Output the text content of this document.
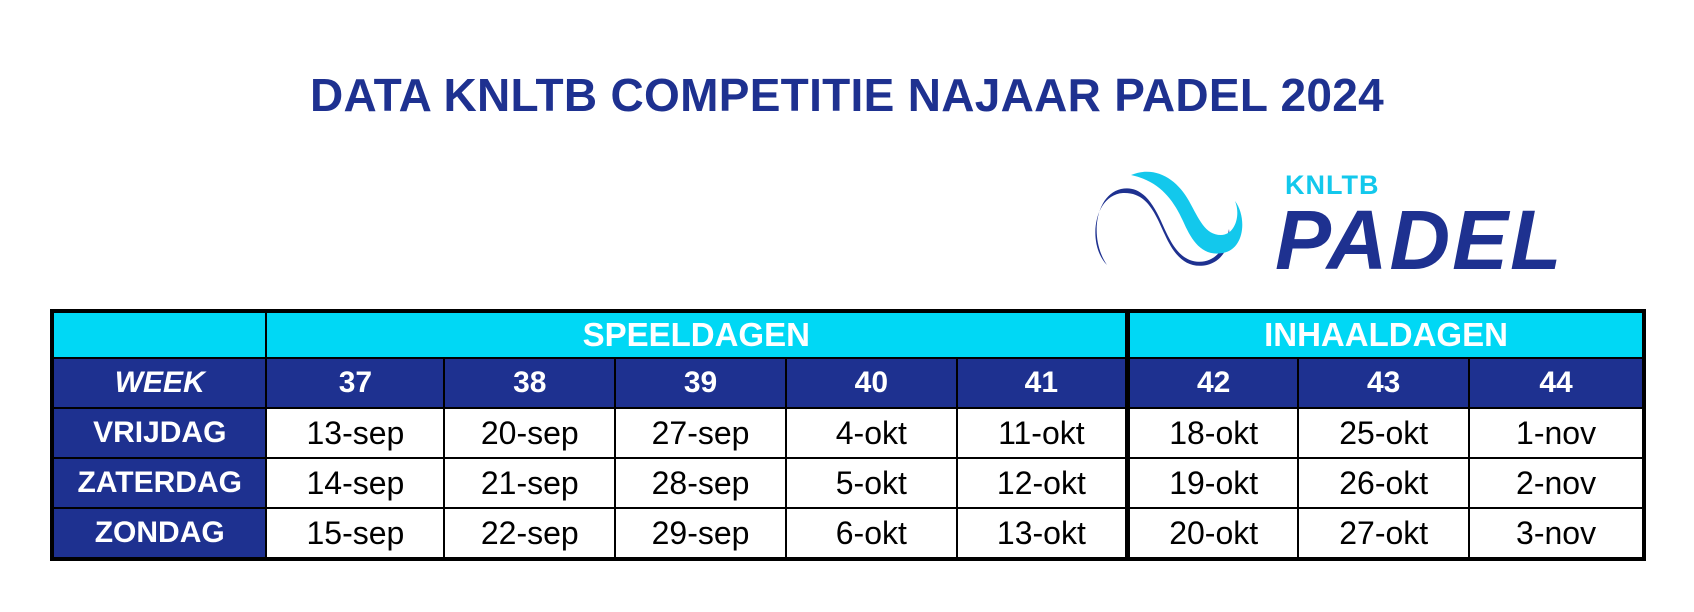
DATA KNLTB COMPETITIE NAJAAR PADEL 2024
KNLTB
PADEL
	SPEELDAGEN					INHAALDAGEN		
WEEK	37	38	39	40	41	42	43	44
VRIJDAG	13-sep	20-sep	27-sep	4-okt	11-okt	18-okt	25-okt	1-nov
ZATERDAG	14-sep	21-sep	28-sep	5-okt	12-okt	19-okt	26-okt	2-nov
ZONDAG	15-sep	22-sep	29-sep	6-okt	13-okt	20-okt	27-okt	3-nov
